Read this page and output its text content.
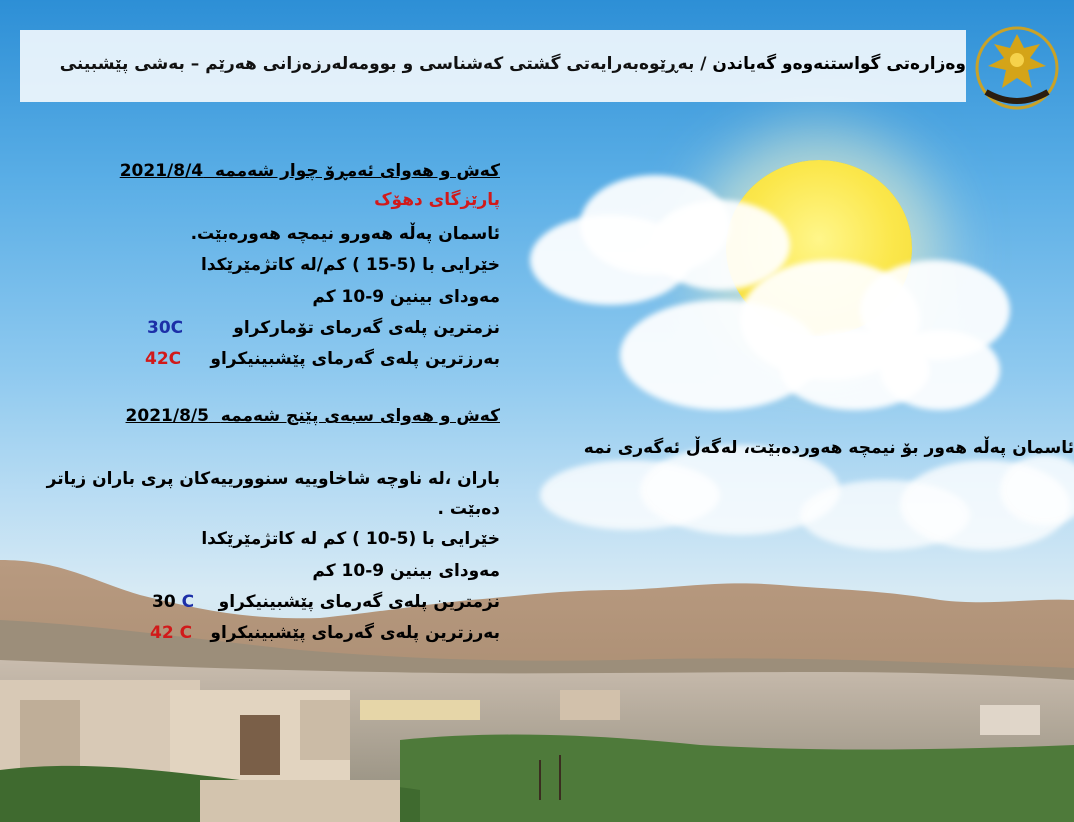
وەزارەتی گواستنەوەو گەیاندن / بەڕێوەبەرایەتی گشتی کەشناسی و بوومەلەرزەزانی هەرێم – بەشی پێشبینی
کەش و هەوای ئەمڕۆ چوار شەممە  2021/8/4
پارێزگای دهۆک
ئاسمان پەڵە هەورو نیمچە هەورەبێت.
خێرایی با (5-15 ) کم/لە کاتژمێرێکدا
مەودای بینین 9-10 کم
نزمترین پلەی گەرمای تۆمارکراو
30C
بەرزترین پلەی گەرمای پێشبینیکراو
42C
کەش و هەوای سبەی پێنج شەممە  2021/8/5
ئاسمان پەڵە هەور بۆ نیمچە هەوردەبێت، لەگەڵ ئەگەری نمە
باران ،لە ناوچە شاخاوییە سنوورییەکان پری باران زیاتر
دەبێت .
خێرایی با (5-10 ) کم لە کاتژمێرێکدا
مەودای بینین 9-10 کم
نزمترین پلەی گەرمای پێشبینیکراو
30 C
بەرزترین پلەی گەرمای پێشبینیکراو
42 C
